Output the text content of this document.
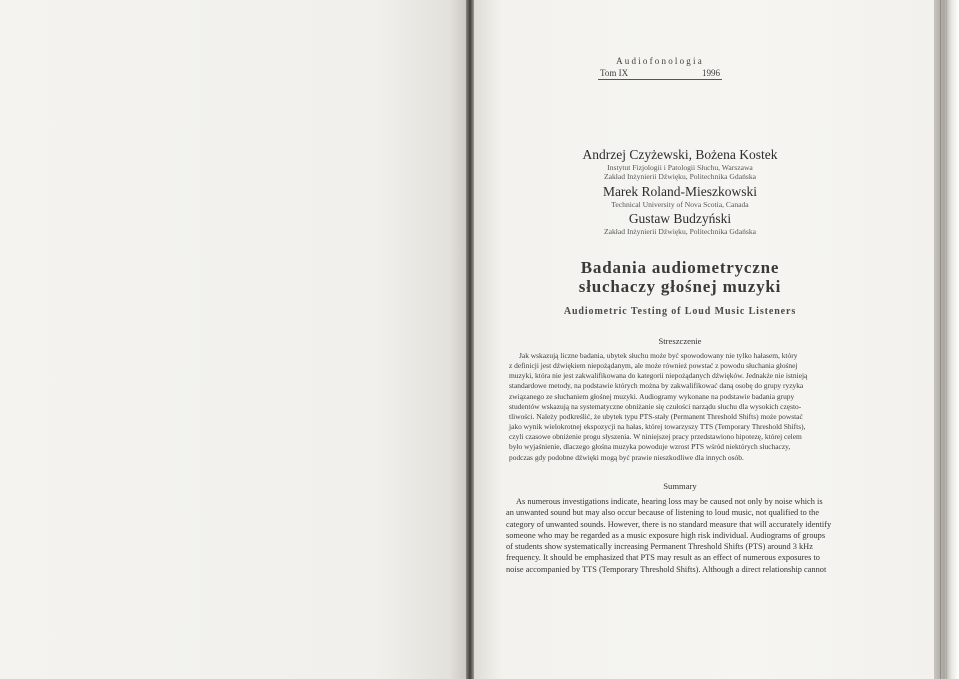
Audiofonologia
Tom IX	1996
Andrzej Czyżewski, Bożena Kostek
Instytut Fizjologii i Patologii Słuchu, Warszawa
Zakład Inżynierii Dźwięku, Politechnika Gdańska
Marek Roland-Mieszkowski
Technical University of Nova Scotia, Canada
Gustaw Budzyński
Zakład Inżynierii Dźwięku, Politechnika Gdańska
Badania audiometryczne
słuchaczy głośnej muzyki
Audiometric Testing of Loud Music Listeners
Streszczenie
Jak wskazują liczne badania, ubytek słuchu może być spowodowany nie tylko hałasem, który
z definicji jest dźwiękiem niepożądanym, ale może również powstać z powodu słuchania głośnej
muzyki, która nie jest zakwalifikowana do kategorii niepożądanych dźwięków. Jednakże nie istnieją
standardowe metody, na podstawie których można by zakwalifikować daną osobę do grupy ryzyka
związanego ze słuchaniem głośnej muzyki. Audiogramy wykonane na podstawie badania grupy
studentów wskazują na systematyczne obniżanie się czułości narządu słuchu dla wysokich często-
tliwości. Należy podkreślić, że ubytek typu PTS-stały (Permanent Threshold Shifts) może powstać
jako wynik wielokrotnej ekspozycji na hałas, której towarzyszy TTS (Temporary Threshold Shifts),
czyli czasowe obniżenie progu słyszenia. W niniejszej pracy przedstawiono hipotezę, której celem
było wyjaśnienie, dlaczego głośna muzyka powoduje wzrost PTS wśród niektórych słuchaczy,
podczas gdy podobne dźwięki mogą być prawie nieszkodliwe dla innych osób.
Summary
As numerous investigations indicate, hearing loss may be caused not only by noise which is
an unwanted sound but may also occur because of listening to loud music, not qualified to the
category of unwanted sounds. However, there is no standard measure that will accurately identify
someone who may be regarded as a music exposure high risk individual. Audiograms of groups
of students show systematically increasing Permanent Threshold Shifts (PTS) around 3 kHz
frequency. It should be emphasized that PTS may result as an effect of numerous exposures to
noise accompanied by TTS (Temporary Threshold Shifts). Although a direct relationship cannot
